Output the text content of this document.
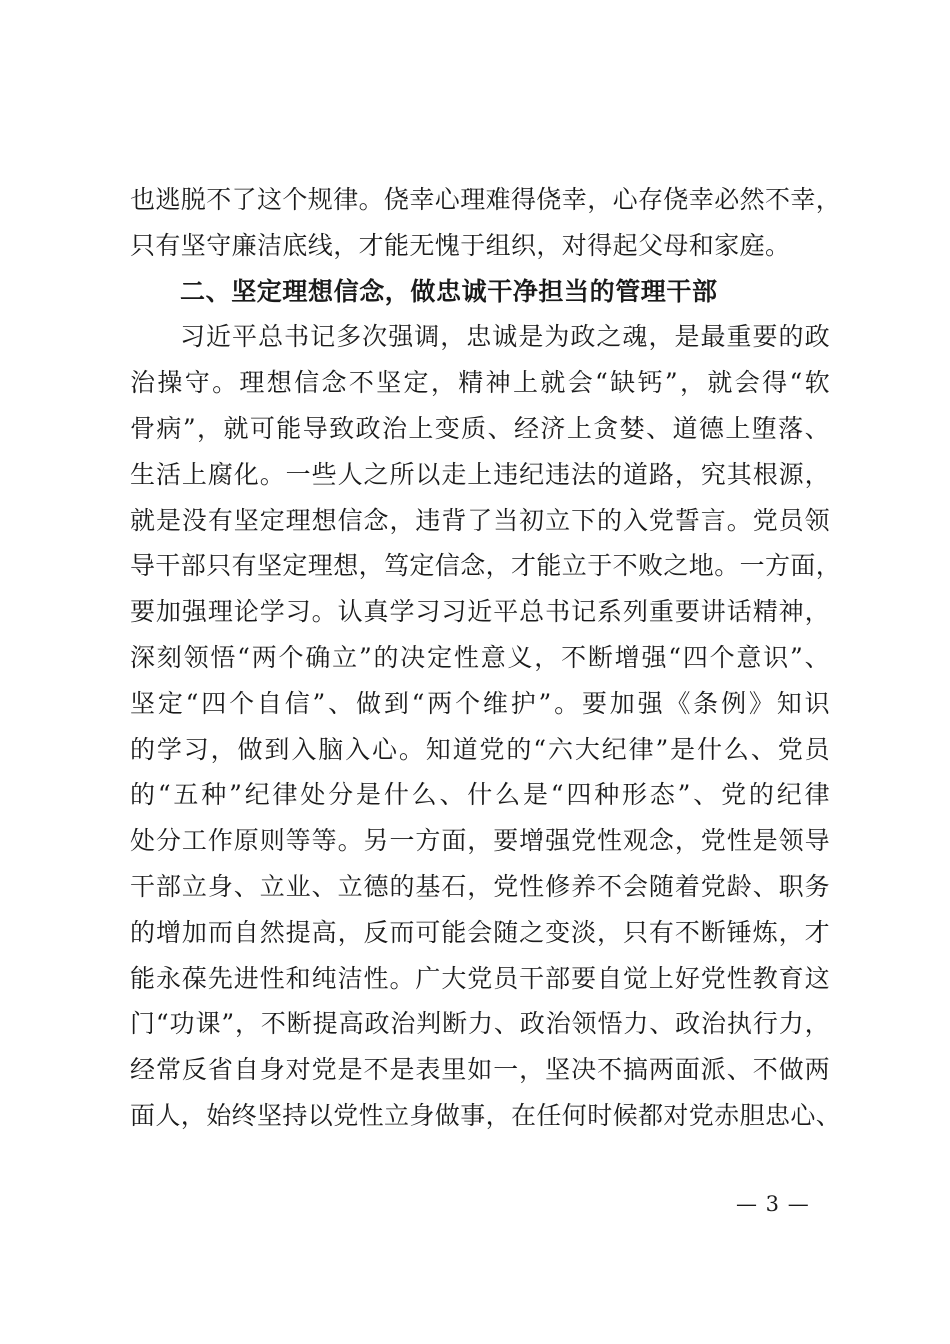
也逃脱不了这个规律。侥幸心理难得侥幸，心存侥幸必然不幸，
只有坚守廉洁底线，才能无愧于组织，对得起父母和家庭。
二、坚定理想信念，做忠诚干净担当的管理干部
习近平总书记多次强调，忠诚是为政之魂，是最重要的政
治操守。理想信念不坚定，精神上就会“缺钙”，就会得“软
骨病”，就可能导致政治上变质、经济上贪婪、道德上堕落、
生活上腐化。一些人之所以走上违纪违法的道路，究其根源，
就是没有坚定理想信念，违背了当初立下的入党誓言。党员领
导干部只有坚定理想，笃定信念，才能立于不败之地。一方面，
要加强理论学习。认真学习习近平总书记系列重要讲话精神，
深刻领悟“两个确立”的决定性意义，不断增强“四个意识”、
坚定“四个自信”、做到“两个维护”。要加强《条例》知识
的学习，做到入脑入心。知道党的“六大纪律”是什么、党员
的“五种”纪律处分是什么、什么是“四种形态”、党的纪律
处分工作原则等等。另一方面，要增强党性观念，党性是领导
干部立身、立业、立德的基石，党性修养不会随着党龄、职务
的增加而自然提高，反而可能会随之变淡，只有不断锤炼，才
能永葆先进性和纯洁性。广大党员干部要自觉上好党性教育这
门“功课”，不断提高政治判断力、政治领悟力、政治执行力，
经常反省自身对党是不是表里如一，坚决不搞两面派、不做两
面人，始终坚持以党性立身做事，在任何时候都对党赤胆忠心、
— 3 —
